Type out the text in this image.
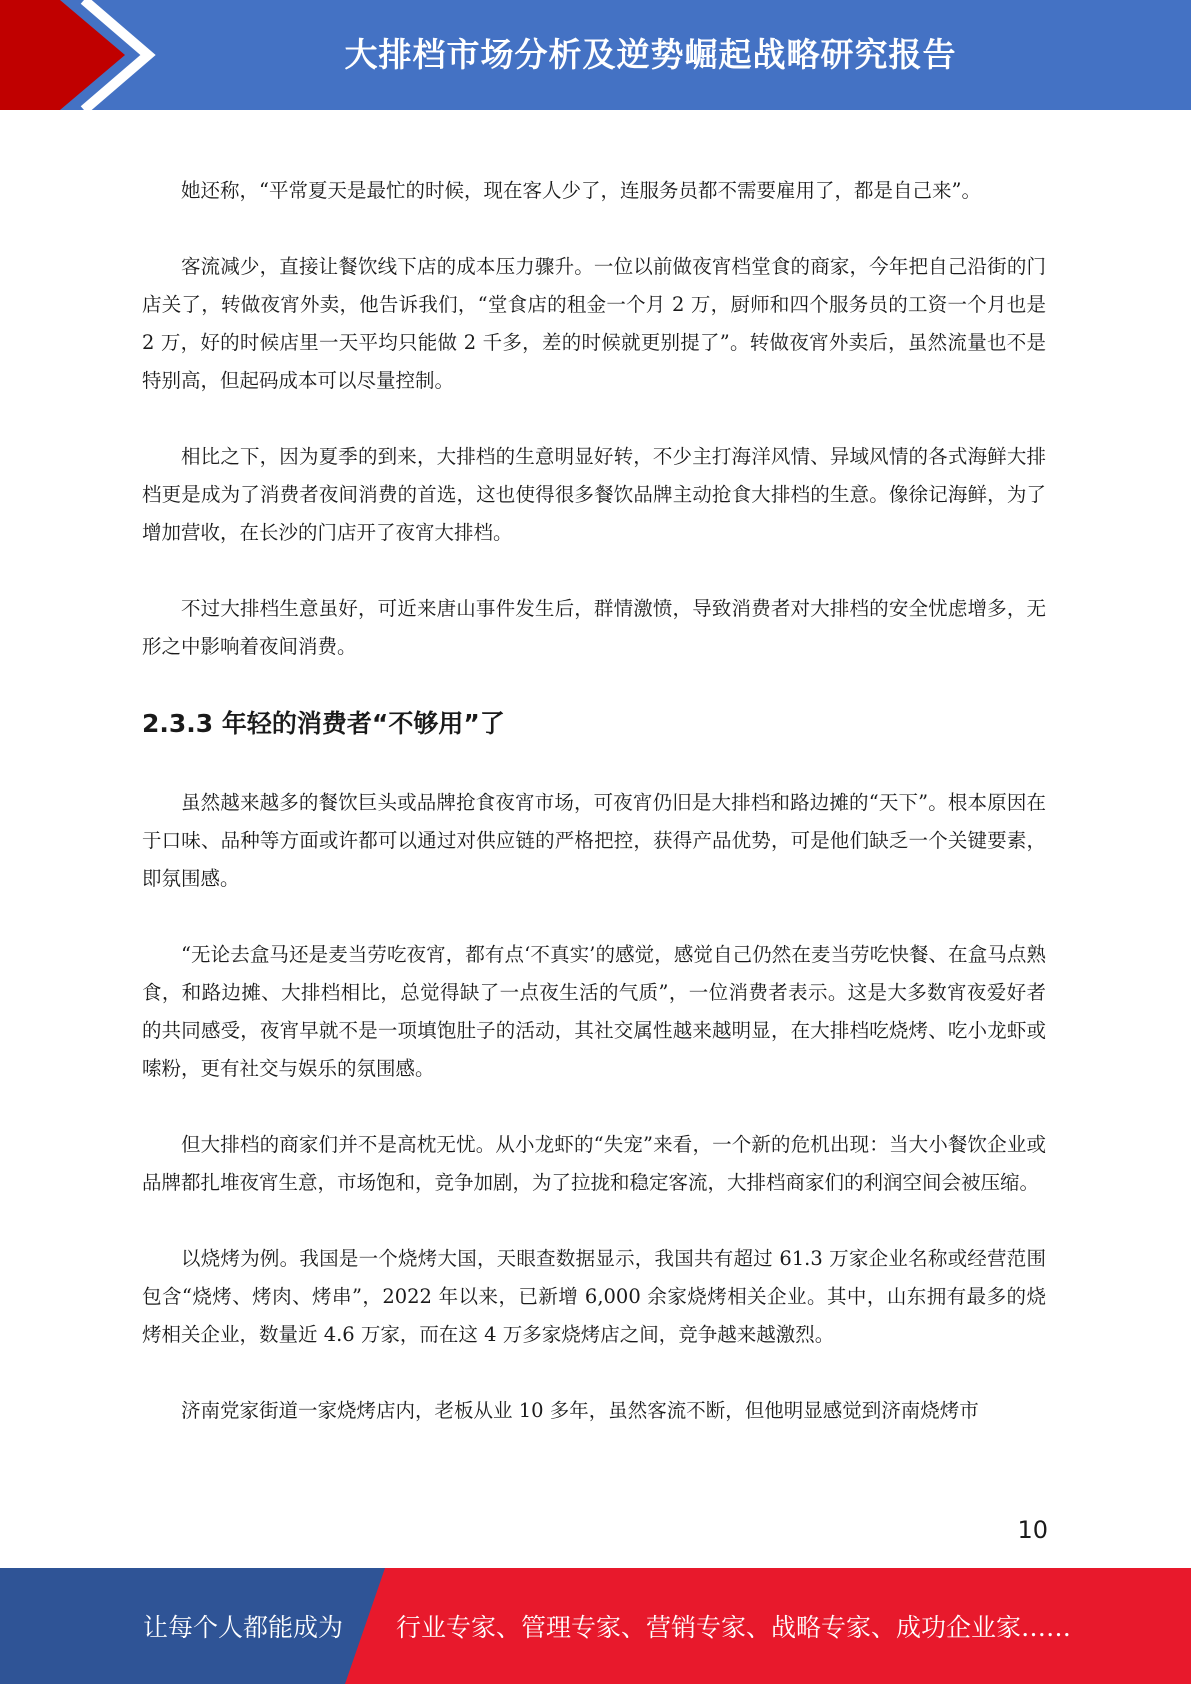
大排档市场分析及逆势崛起战略研究报告

她还称，“平常夏天是最忙的时候，现在客人少了，连服务员都不需要雇用了，都是自己来”。

客流减少，直接让餐饮线下店的成本压力骤升。一位以前做夜宵档堂食的商家，今年把自己沿街的门店关了，转做夜宵外卖，他告诉我们，“堂食店的租金一个月 2 万，厨师和四个服务员的工资一个月也是 2 万，好的时候店里一天平均只能做 2 千多，差的时候就更别提了”。转做夜宵外卖后，虽然流量也不是特别高，但起码成本可以尽量控制。

相比之下，因为夏季的到来，大排档的生意明显好转，不少主打海洋风情、异域风情的各式海鲜大排档更是成为了消费者夜间消费的首选，这也使得很多餐饮品牌主动抢食大排档的生意。像徐记海鲜，为了增加营收，在长沙的门店开了夜宵大排档。

不过大排档生意虽好，可近来唐山事件发生后，群情激愤，导致消费者对大排档的安全忧虑增多，无形之中影响着夜间消费。

2.3.3 年轻的消费者“不够用”了

虽然越来越多的餐饮巨头或品牌抢食夜宵市场，可夜宵仍旧是大排档和路边摊的“天下”。根本原因在于口味、品种等方面或许都可以通过对供应链的严格把控，获得产品优势，可是他们缺乏一个关键要素，即氛围感。

“无论去盒马还是麦当劳吃夜宵，都有点‘不真实’的感觉，感觉自己仍然在麦当劳吃快餐、在盒马点熟食，和路边摊、大排档相比，总觉得缺了一点夜生活的气质”，一位消费者表示。这是大多数宵夜爱好者的共同感受，夜宵早就不是一项填饱肚子的活动，其社交属性越来越明显，在大排档吃烧烤、吃小龙虾或嗦粉，更有社交与娱乐的氛围感。

但大排档的商家们并不是高枕无忧。从小龙虾的“失宠”来看，一个新的危机出现：当大小餐饮企业或品牌都扎堆夜宵生意，市场饱和，竞争加剧，为了拉拢和稳定客流，大排档商家们的利润空间会被压缩。

以烧烤为例。我国是一个烧烤大国，天眼查数据显示，我国共有超过 61.3 万家企业名称或经营范围包含“烧烤、烤肉、烤串”，2022 年以来，已新增 6,000 余家烧烤相关企业。其中，山东拥有最多的烧烤相关企业，数量近 4.6 万家，而在这 4 万多家烧烤店之间，竞争越来越激烈。

济南党家街道一家烧烤店内，老板从业 10 多年，虽然客流不断，但他明显感觉到济南烧烤市

10
让每个人都能成为 行业专家、管理专家、营销专家、战略专家、成功企业家……
